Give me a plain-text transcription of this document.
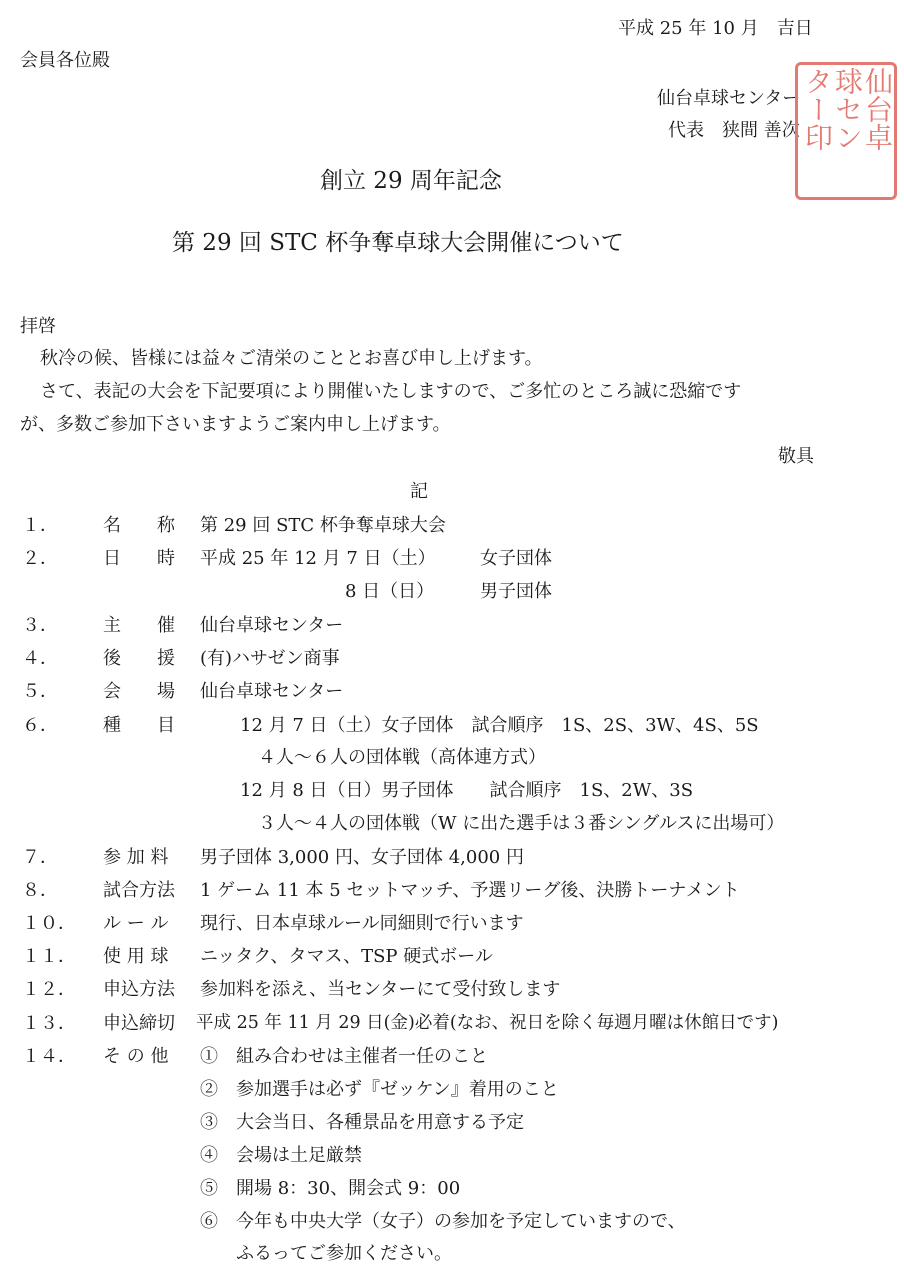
平成 25 年 10 月　吉日
会員各位殿
仙台卓球センター
代表　狭間 善次 仙台卓
球セン
ター印
創立 29 周年記念
第 29 回 STC 杯争奪卓球大会開催について
拝啓
秋冷の候、皆様には益々ご清栄のこととお喜び申し上げます。
さて、表記の大会を下記要項により開催いたしますので、ご多忙のところ誠に恐縮です
が、多数ご参加下さいますようご案内申し上げます。
敬具
記
１．	名　　称 第 29 回 STC 杯争奪卓球大会
２．	日　　時 平成 25 年 12 月 7 日（土） 女子団体
8 日（日）	男子団体
３．	主　　催 仙台卓球センター
４．	後　　援 (有)ハサゼン商事
５．	会　　場 仙台卓球センター
６．	種　　目	12 月 7 日（土）女子団体　試合順序　1S、2S、3W、4S、5S
４人～６人の団体戦（高体連方式）
12 月 8 日（日）男子団体　　試合順序　1S、2W、3S
３人～４人の団体戦（W に出た選手は３番シングルスに出場可）
７．	参 加 料 男子団体 3,000 円、女子団体 4,000 円
８．	試合方法 1 ゲーム 11 本 5 セットマッチ、予選リーグ後、決勝トーナメント
１０．	ル ー ル 現行、日本卓球ルール同細則で行います
１１．	使 用 球 ニッタク、タマス、TSP 硬式ボール
１２．	申込方法 参加料を添え、当センターにて受付致します
１３．	申込締切 平成 25 年 11 月 29 日(金)必着(なお、祝日を除く毎週月曜は休館日です)
１４．	そ の 他 ①　組み合わせは主催者一任のこと
②　参加選手は必ず『ゼッケン』着用のこと
③　大会当日、各種景品を用意する予定
④　会場は土足厳禁
⑤　開場 8：30、開会式 9：00
⑥　今年も中央大学（女子）の参加を予定していますので、
　　ふるってご参加ください。
